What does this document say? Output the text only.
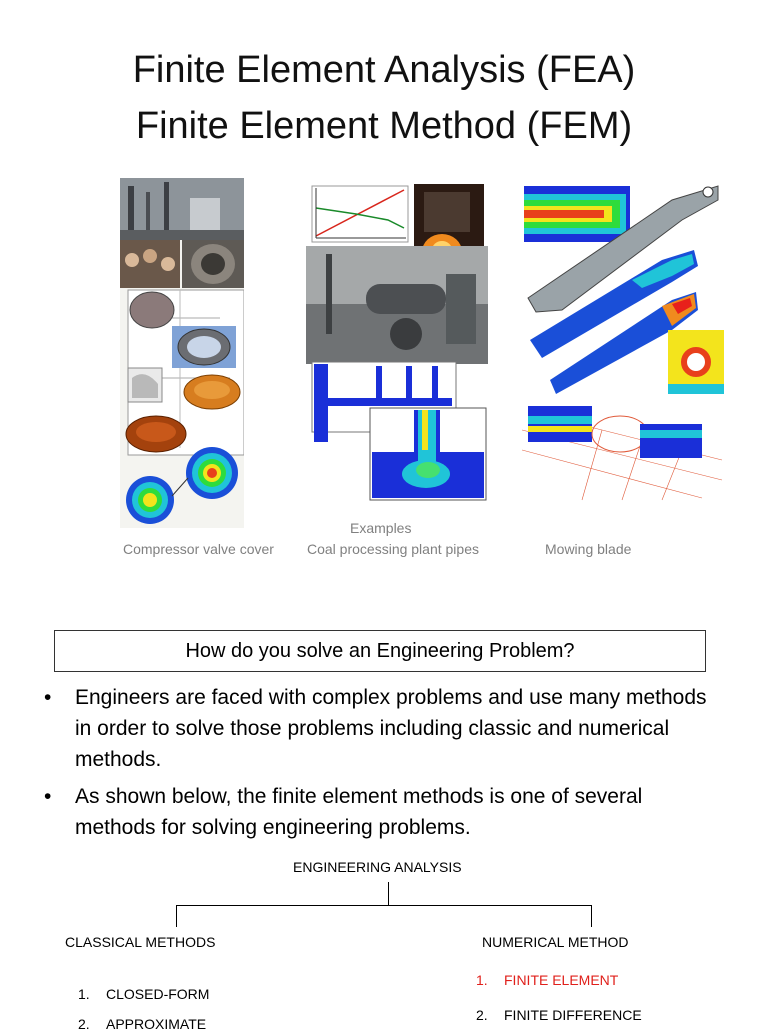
Finite Element Analysis (FEA)
Finite Element Method (FEM)
Examples
Compressor valve cover Coal processing plant pipes	Mowing blade
How do you solve an Engineering Problem?
• Engineers are faced with complex problems and use many methods in order to solve those problems including classic and numerical methods.
• As shown below, the finite element methods is one of several methods for solving engineering problems.
ENGINEERING ANALYSIS
CLASSICAL METHODS	NUMERICAL METHOD
1. CLOSED-FORM
2. APPROXIMATE
1. FINITE ELEMENT
2. FINITE DIFFERENCE
